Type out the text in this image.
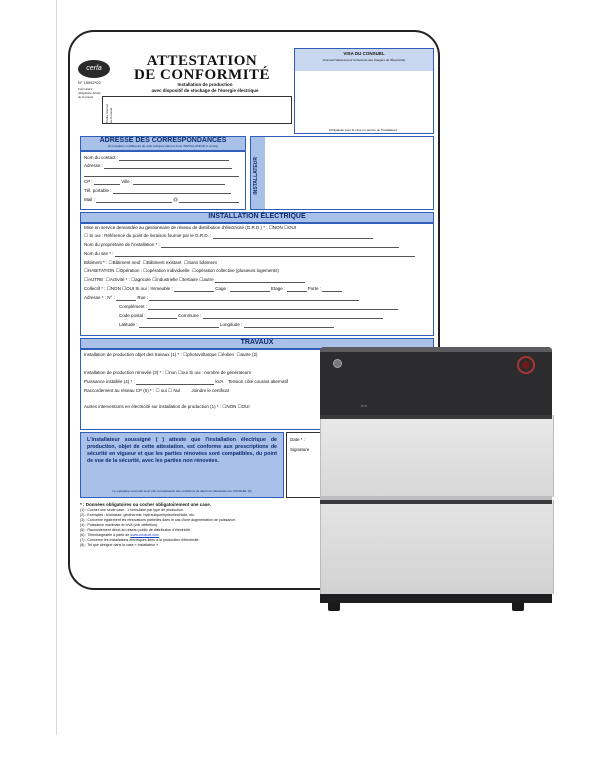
cerfa
N° 15952*02
Formulaire obligatoire Arrêté du Consuel
ATTESTATION
DE CONFORMITÉ
Installation de production
avec dispositif de stockage de l'énergie électrique
Cadre réservé au Consuel
VISA DU CONSUEL
(Conseil National pour la Sécurité des Usagers de l'Électricité)
(Obligatoire pour la mise en service de l'installation)
ADRESSE DES CORRESPONDANCES
(À compléter si différente de celle indiquée dans la zone INSTALLATEUR ci-contre)
Nom du contact :
Adresse :
CP :	Ville :
Tél. portable :
Mail :	@
INSTALLATEUR
INSTALLATION ÉLECTRIQUE
Mise en service demandée au gestionnaire de réseau de distribution d'électricité (G.R.D.) * : ☐NON ☐OUI
☐ Si oui : Référence du point de livraison fournie par le G.R.D. :
Nom du propriétaire de l'installation * :
Nom du site * :
Bâtiment * : ☐Bâtiment neuf  ☐Bâtiment existant  ☐Sans bâtiment
☐HABITATION ☐Opération : ☐opération individuelle  ☐opération collective (plusieurs logements)
☐AUTRE  ☐Activité * : ☐agricole ☐industrielle ☐tertiaire ☐autre
Collectif * : ☐NON ☐OUI Si oui : Immeuble :	Cage :	Etage :	Porte :
Adresse * : N° :	Rue :
Complément :
Code postal :	Commune :
Latitude :	Longitude :
TRAVAUX
Installation de production objet des travaux (1) * : ☐photovoltaïque ☐éolien  ☐autre (2)
Installation de production rénovée (3) * : ☐non ☐oui Si oui : nombre de générateurs
Puissance installée (4) * :	kVA Tension côté courant alternatif
Raccordement au réseau CP (5) * : ☐ oui ☐ Nul	Joindre le certificat
Autres interventions en électricité sur installation de production (1) * : ☐NON ☐OUI
L'installateur soussigné ( ) atteste que l'installation électrique de production, objet de cette attestation, est conforme aux prescriptions de sécurité en vigueur et que les parties rénovées sont compatibles, du point de vue de la sécurité, avec les parties non rénovées.
Le signataire reconnaît avoir pris connaissance des conditions de dépôt de l'attestation de CONSUEL (6)
Date * :
Signature
* : Données obligatoires ou cocher obligatoirement une case.
(1) : Cocher une seule case : 1 formulaire par type de production.
(2) : Exemples : biomasse, géothermie, hydraulique/hydroélectricité, etc.
(3) : Concerne également les rénovations partielles dans le cas d'une augmentation de puissance.
(4) : Puissance maximale en kVA (voir définition).
(5) : Raccordement direct au réseau public de distribution d'électricité.
(6) : Téléchargeable à partir de www.consuel.com
(7) : Concerne les installations électriques liées à la production d'électricité.
(8) : Tel que désigné dans la case « Installateur ».
BYD
